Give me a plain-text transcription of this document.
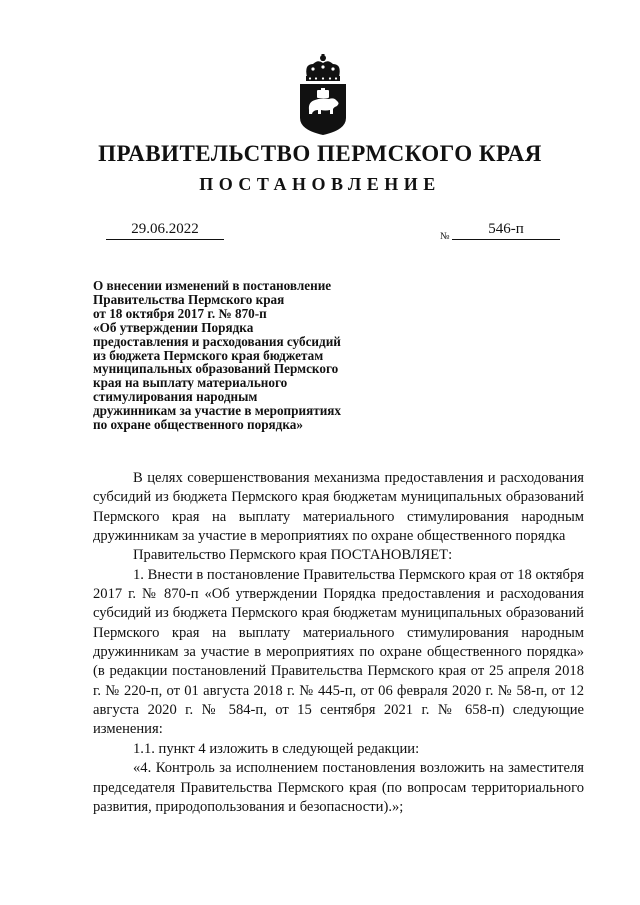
ПРАВИТЕЛЬСТВО ПЕРМСКОГО КРАЯ
ПОСТАНОВЛЕНИЕ
29.06.2022	№	546-п
О внесении изменений в постановление
Правительства Пермского края
от 18 октября 2017 г. № 870-п
«Об утверждении Порядка
предоставления и расходования субсидий
из бюджета Пермского края бюджетам
муниципальных образований Пермского
края на выплату материального
стимулирования народным
дружинникам за участие в мероприятиях
по охране общественного порядка»

В целях совершенствования механизма предоставления и расходования субсидий из бюджета Пермского края бюджетам муниципальных образований Пермского края на выплату материального стимулирования народным дружинникам за участие в мероприятиях по охране общественного порядка

Правительство Пермского края ПОСТАНОВЛЯЕТ:

1. Внести в постановление Правительства Пермского края от 18 октября 2017 г. № 870-п «Об утверждении Порядка предоставления и расходования субсидий из бюджета Пермского края бюджетам муниципальных образований Пермского края на выплату материального стимулирования народным дружинникам за участие в мероприятиях по охране общественного порядка» (в редакции постановлений Правительства Пермского края от 25 апреля 2018 г. № 220-п, от 01 августа 2018 г. № 445-п, от 06 февраля 2020 г. № 58-п, от 12 августа 2020 г. № 584-п, от 15 сентября 2021 г. № 658-п) следующие изменения:

1.1. пункт 4 изложить в следующей редакции:

«4. Контроль за исполнением постановления возложить на заместителя председателя Правительства Пермского края (по вопросам территориального развития, природопользования и безопасности).»;
